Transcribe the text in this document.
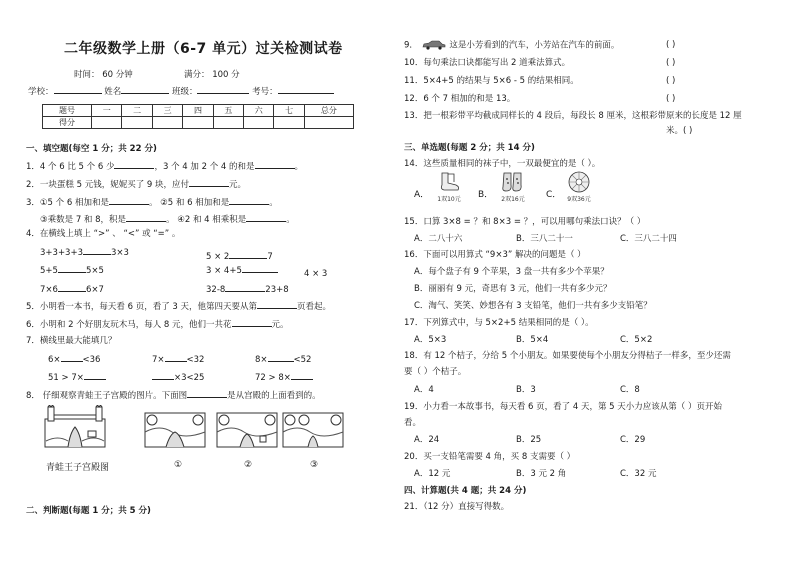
二年级数学上册（6-7 单元）过关检测试卷
时间： 60 分钟	满分： 100 分
学校：	姓名	班级：	考号：
题号	一	二	三	四	五	六	七	总分
得分								
一、填空题(每空 1 分；共 22 分)
1．4 个 6 比 5 个 6 少	，3 个 4 加 2 个 4 的和是	。
2．一块蛋糕 5 元钱，妮妮买了 9 块，应付	元。
3．①5 个 6 相加和是	。 ②5 和 6 相加和是	。
③乘数是 7 和 8，积是	。 ④2 和 4 相乘积是	。
4．在横线上填上 “>” 、 “<” 或 “=” 。
3+3+3+3	3×3	5 × 2	7
5+5	5×5	3 × 4+5	4 × 3
7×6	6×7	32-8	23+8
5．小明看一本书，每天看 6 页，看了 3 天，他第四天要从第	页看起。
6．小明和 2 个好朋友玩木马，每人 8 元，他们一共花	元。
7．横线里最大能填几？
6×	<36	7×	<32	8×	<52
51 > 7×	×3<25	72 > 8×
8． 仔细观察青蛙王子宫殿的图片。下面图	是从宫殿的上面看到的。
青蛙王子宫殿图	①	②	③
二、判断题(每题 1 分；共 5 分)
9．	这是小芳看到的汽车，小芳站在汽车的前面。	( )
10．每句乘法口诀都能写出 2 道乘法算式。	( )
11．5×4+5 的结果与 5×6 - 5 的结果相同。	( )
12．6 个 7 相加的和是 13。	( )
13．把一根彩带平均截成同样长的 4 段后，每段长 8 厘米，这根彩带原来的长度是 12 厘
米。( )
三、单选题(每题 2 分；共 14 分)
14．这些质量相同的袜子中，一双最便宜的是（ ）。
A． 1双10元 B． 2双16元 C． 9双36元
15．口算 3×8 = ？和 8×3 = ？，可以用哪句乘法口诀？（ ）
A．二八十六	B．三八二十一	C．三八二十四
16．下面可以用算式 “9×3” 解决的问题是（ ）
A．每个盘子有 9 个苹果，3 盘一共有多少个苹果？
B．丽丽有 9 元，奇思有 3 元，他们一共有多少元？
C．淘气、笑笑、妙想各有 3 支铅笔，他们一共有多少支铅笔？
17．下列算式中，与 5×2+5 结果相同的是（ ）。
A．5×3	B．5×4	C．5×2
18．有 12 个桔子，分给 5 个小朋友。如果要使每个小朋友分得桔子一样多，至少还需
要（ ）个桔子。
A．4	B．3	C．8
19．小力看一本故事书，每天看 6 页，看了 4 天，第 5 天小力应该从第（ ）页开始
看。
A．24	B．25	C．29
20．买一支铅笔需要 4 角，买 8 支需要（ ）
A．12 元	B．3 元 2 角	C．32 元
四、计算题(共 4 题；共 24 分)
21．（12 分）直接写得数。
